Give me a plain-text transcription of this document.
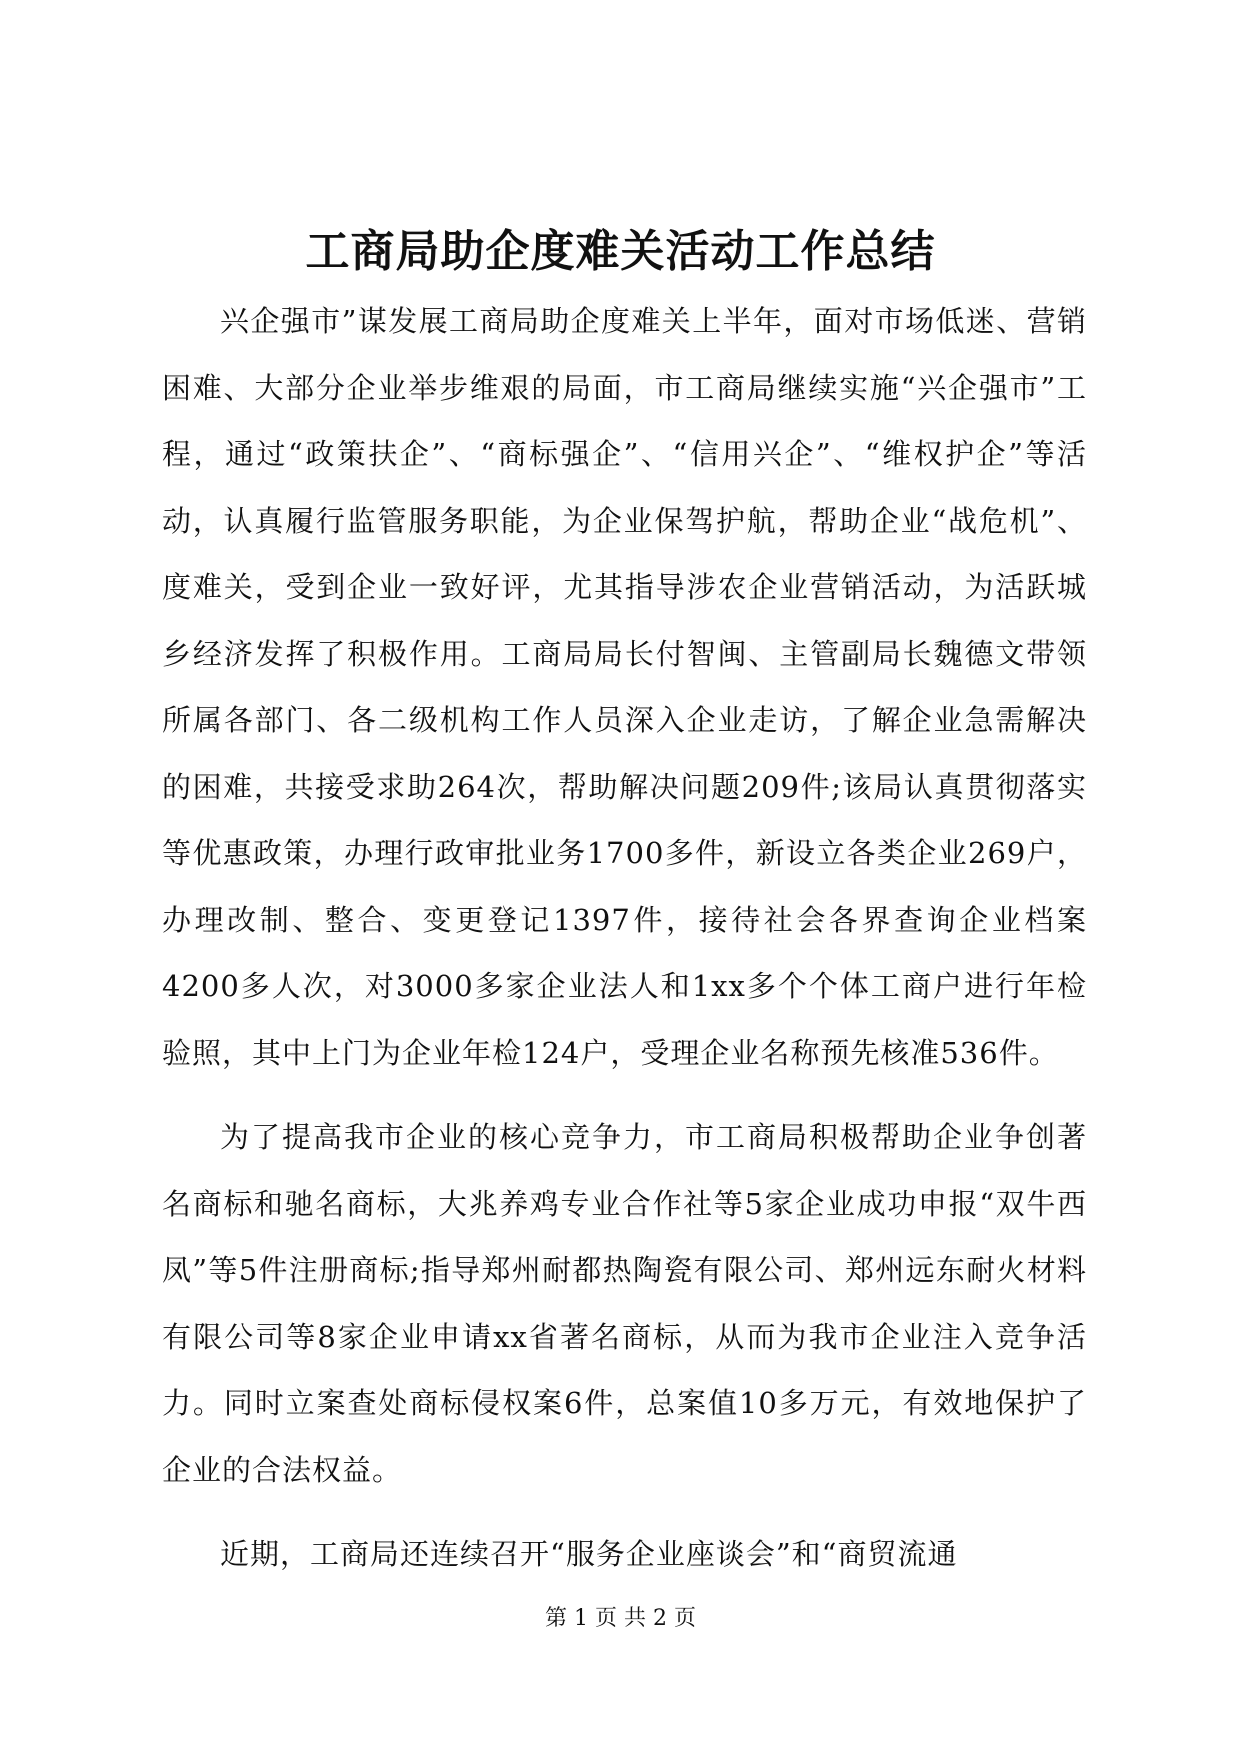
工商局助企度难关活动工作总结

兴企强市”谋发展工商局助企度难关上半年，面对市场低迷、营销困难、大部分企业举步维艰的局面，市工商局继续实施“兴企强市”工程，通过“政策扶企”、“商标强企”、“信用兴企”、“维权护企”等活动，认真履行监管服务职能，为企业保驾护航，帮助企业“战危机”、度难关，受到企业一致好评，尤其指导涉农企业营销活动，为活跃城乡经济发挥了积极作用。工商局局长付智闽、主管副局长魏德文带领所属各部门、各二级机构工作人员深入企业走访，了解企业急需解决的困难，共接受求助264次，帮助解决问题209件;该局认真贯彻落实等优惠政策，办理行政审批业务1700多件，新设立各类企业269户，办理改制、整合、变更登记1397件，接待社会各界查询企业档案4200多人次，对3000多家企业法人和1xx多个个体工商户进行年检验照，其中上门为企业年检124户，受理企业名称预先核准536件。

为了提高我市企业的核心竞争力，市工商局积极帮助企业争创著名商标和驰名商标，大兆养鸡专业合作社等5家企业成功申报“双牛西凤”等5件注册商标;指导郑州耐都热陶瓷有限公司、郑州远东耐火材料有限公司等8家企业申请xx省著名商标，从而为我市企业注入竞争活力。同时立案查处商标侵权案6件，总案值10多万元，有效地保护了企业的合法权益。

近期，工商局还连续召开“服务企业座谈会”和“商贸流通

第 1 页 共 2 页
